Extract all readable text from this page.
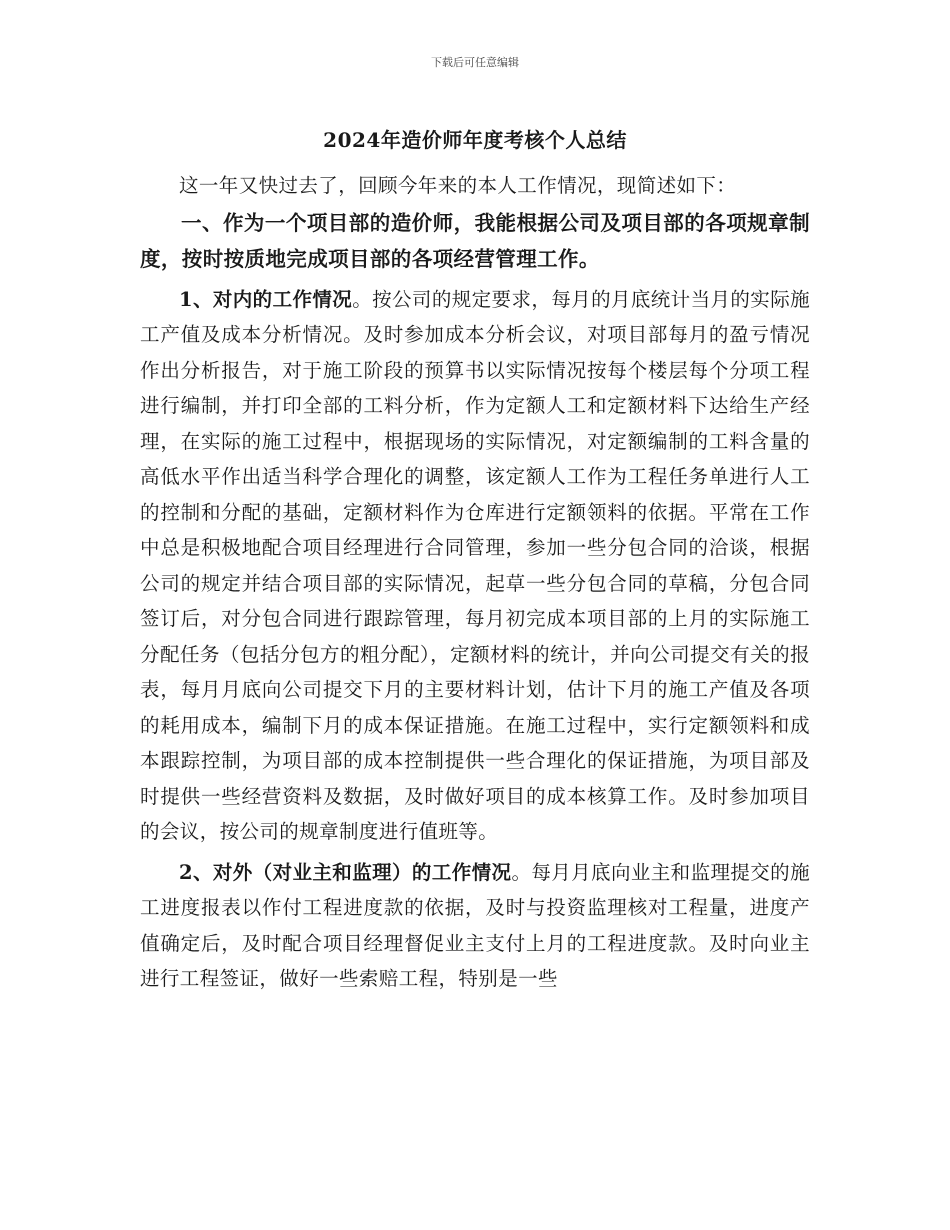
下载后可任意编辑
2024年造价师年度考核个人总结

这一年又快过去了，回顾今年来的本人工作情况，现简述如下：

一、作为一个项目部的造价师，我能根据公司及项目部的各项规章制度，按时按质地完成项目部的各项经营管理工作。

1、对内的工作情况。按公司的规定要求，每月的月底统计当月的实际施工产值及成本分析情况。及时参加成本分析会议，对项目部每月的盈亏情况作出分析报告，对于施工阶段的预算书以实际情况按每个楼层每个分项工程进行编制，并打印全部的工料分析，作为定额人工和定额材料下达给生产经理，在实际的施工过程中，根据现场的实际情况，对定额编制的工料含量的高低水平作出适当科学合理化的调整，该定额人工作为工程任务单进行人工的控制和分配的基础，定额材料作为仓库进行定额领料的依据。平常在工作中总是积极地配合项目经理进行合同管理，参加一些分包合同的洽谈，根据公司的规定并结合项目部的实际情况，起草一些分包合同的草稿，分包合同签订后，对分包合同进行跟踪管理，每月初完成本项目部的上月的实际施工分配任务（包括分包方的粗分配），定额材料的统计，并向公司提交有关的报表，每月月底向公司提交下月的主要材料计划，估计下月的施工产值及各项的耗用成本，编制下月的成本保证措施。在施工过程中，实行定额领料和成本跟踪控制，为项目部的成本控制提供一些合理化的保证措施，为项目部及时提供一些经营资料及数据，及时做好项目的成本核算工作。及时参加项目的会议，按公司的规章制度进行值班等。

2、对外（对业主和监理）的工作情况。每月月底向业主和监理提交的施工进度报表以作付工程进度款的依据，及时与投资监理核对工程量，进度产值确定后，及时配合项目经理督促业主支付上月的工程进度款。及时向业主进行工程签证，做好一些索赔工程，特别是一些
